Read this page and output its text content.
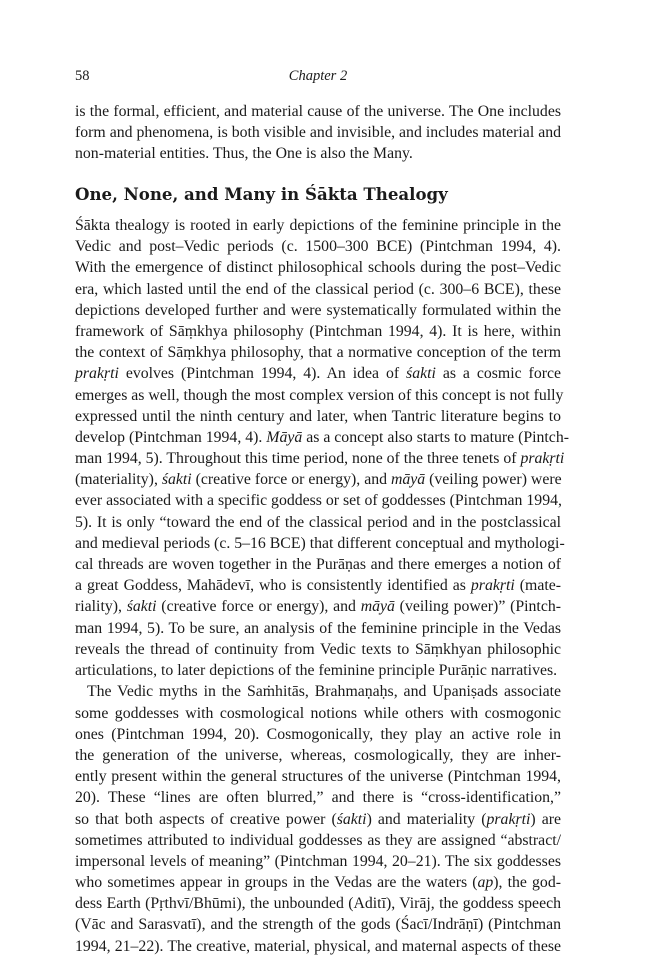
58	Chapter 2
is the formal, efficient, and material cause of the universe. The One includes
form and phenomena, is both visible and invisible, and includes material and
non-material entities. Thus, the One is also the Many.
One, None, and Many in Śākta Thealogy
Śākta thealogy is rooted in early depictions of the feminine principle in the
Vedic and post–Vedic periods (c. 1500–300 BCE) (Pintchman 1994, 4).
With the emergence of distinct philosophical schools during the post–Vedic
era, which lasted until the end of the classical period (c. 300–6 BCE), these
depictions developed further and were systematically formulated within the
framework of Sāṃkhya philosophy (Pintchman 1994, 4). It is here, within
the context of Sāṃkhya philosophy, that a normative conception of the term
prakṛti evolves (Pintchman 1994, 4). An idea of śakti as a cosmic force
emerges as well, though the most complex version of this concept is not fully
expressed until the ninth century and later, when Tantric literature begins to
develop (Pintchman 1994, 4). Māyā as a concept also starts to mature (Pintch-
man 1994, 5). Throughout this time period, none of the three tenets of prakṛti
(materiality), śakti (creative force or energy), and māyā (veiling power) were
ever associated with a specific goddess or set of goddesses (Pintchman 1994,
5). It is only “toward the end of the classical period and in the postclassical
and medieval periods (c. 5–16 BCE) that different conceptual and mythologi-
cal threads are woven together in the Purāṇas and there emerges a notion of
a great Goddess, Mahādevī, who is consistently identified as prakṛti (mate-
riality), śakti (creative force or energy), and māyā (veiling power)” (Pintch-
man 1994, 5). To be sure, an analysis of the feminine principle in the Vedas
reveals the thread of continuity from Vedic texts to Sāṃkhyan philosophic
articulations, to later depictions of the feminine principle Purāṇic narratives.
The Vedic myths in the Saṁhitās, Brahmaṇaḥs, and Upaniṣads associate
some goddesses with cosmological notions while others with cosmogonic
ones (Pintchman 1994, 20). Cosmogonically, they play an active role in
the generation of the universe, whereas, cosmologically, they are inher-
ently present within the general structures of the universe (Pintchman 1994,
20). These “lines are often blurred,” and there is “cross-identification,”
so that both aspects of creative power (śakti) and materiality (prakṛti) are
sometimes attributed to individual goddesses as they are assigned “abstract/
impersonal levels of meaning” (Pintchman 1994, 20–21). The six goddesses
who sometimes appear in groups in the Vedas are the waters (ap), the god-
dess Earth (Pṛthvī/Bhūmi), the unbounded (Aditī), Virāj, the goddess speech
(Vāc and Sarasvatī), and the strength of the gods (Śacī/Indrāṇī) (Pintchman
1994, 21–22). The creative, material, physical, and maternal aspects of these
